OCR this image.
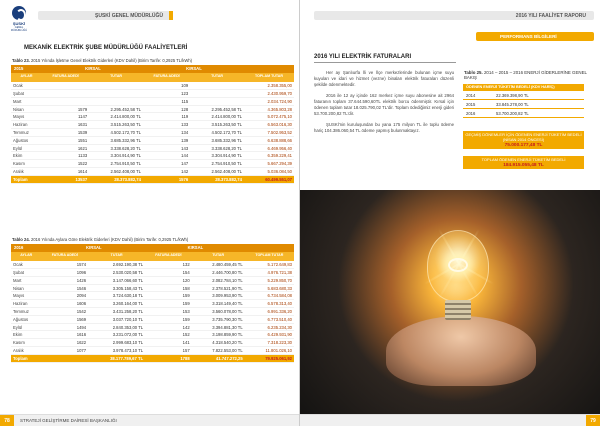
ŞUSKİ
GENEL MÜDÜRLÜĞÜ
ŞUSKİ GENEL MÜDÜRLÜĞÜ
MEKANİK ELEKTRİK ŞUBE MÜDÜRLÜĞÜ FAALİYETLERİ
Tablo 23. 2015 Yılında İşletme Genel Elektrik Giderleri (KDV Dahil) (Birim Tarife: 0,2925 TL/kWh)
2015	KIRSAL		KIRSAL		
AYLAR	FATURA ADEDİ	TUTAR	FATURA ADEDİ	TUTAR	TOPLAM TUTAR
Ocak			109		2.358.355,00
Şubat			123		2.430.959,70
Mart			115		2.034.724,90
Nisan	1579	2.295.452,58 TL	128	2.295.452,58 TL	4.365.803,28
Mayıs	1147	2.414.800,00 TL	119	2.414.800,00 TL	5.072.475,10
Haziran	1631	3.515.263,50 TL	133	3.515.263,50 TL	6.563.016,30
Temmuz	1539	4.502.172,70 TL	134	4.502.172,70 TL	7.502.953,52
Ağustos	1551	3.685.332,96 TL	139	3.685.332,96 TL	6.638.888,66
Eylül	1621	3.338.628,20 TL	143	3.338.628,20 TL	6.469.956,40
Ekim	1133	3.304.914,90 TL	144	3.304.914,90 TL	6.359.229,41
Kasım	1522	2.754.910,50 TL	147	2.754.910,50 TL	5.667.294,39
Aralık	1614	2.562.408,00 TL	142	2.562.408,00 TL	5.036.084,50
Toplam	13537	28.373.882,74	1576	28.373.882,74	60.499.551,07
Tablo 24. 2016 Yılında Aylara Göre Elektrik Giderleri (KDV Dahil) (Birim Tarife: 0,2925 TL/kWh)
2016	KIRSAL		KIRSAL		
AYLAR	FATURA ADEDİ	TUTAR	FATURA ADEDİ	TUTAR	TOPLAM TUTAR
Ocak	1574	2.692.190,38 TL	132	2.480.459,45 TL	5.172.649,83
Şubat	1096	2.530.020,58 TL	154	2.446.700,80 TL	4.976.721,38
Mart	1426	3.147.066,60 TL	120	2.082.784,10 TL	5.229.850,70
Nisan	1546	3.305.158,43 TL	158	2.378.521,90 TL	5.683.680,33
Mayıs	2094	3.724.630,18 TL	159	3.009.953,90 TL	6.734.584,08
Haziran	1606	3.260.164,00 TL	159	3.318.149,40 TL	6.578.313,40
Temmuz	1542	3.431.258,20 TL	153	3.560.078,00 TL	6.991.336,20
Ağustos	1569	3.037.720,10 TL	159	3.735.790,30 TL	6.773.510,40
Eylül	1494	2.840.353,00 TL	142	3.394.881,30 TL	6.235.234,30
Ekim	1616	3.231.072,00 TL	152	3.198.859,90 TL	6.429.931,90
Kasım	1622	2.999.683,10 TL	141	4.318.540,20 TL	7.318.223,30
Aralık	1077	3.978.473,10 TL	157	7.822.553,00 TL	11.801.026,10
Toplam		38.177.789,67 TL	1788	41.747.272,25	79.925.061,92
78	STRATEJİ GELİŞTİRME DAİRESİ BAŞKANLIĞI
2016 YILI FAALİYET RAPORU
PERFORMANS BİLGİLERİ
2016 YILI ELEKTRİK FATURALARI

Her ay Şanlıurfa İli ve İlçe merkezlerinde bulunan içme suyu kuyuları ve idari ve hizmet (vezne) binaları elektrik faturaları düzenli şekilde ödenmektedir.

2016 ile 12 ay içinde 162 merkez içme suyu abonesine ait 2964 faturanın toplam 37.644.590,60TL elektrik borcu ödenmiştir. Kırsal için ödenen toplam tutar 18.025.790,02 TL'dir. Toplam ödediğimiz enerji gideri 53.700.200,82 TL'dir.

ŞUSKİ'nin kuruluşundan bu yana 175 milyon TL ile toplu ödeme hariç 104.386.060,54 TL ödeme yapmış bulunmaktayız.

Tablo 25. 2014 – 2015 – 2016 ENERJİ GİDERLERİNE GENEL BAKIŞ
ÖDENEN ENERJİ TÜKETİM BEDELİ (KDV HARİÇ)	
2014	22.369.398,90 TL
2015	33.845.278,00 TL
2016	53.700.200,82 TL
GEÇMİŞ DÖNEMLER İÇİN ÖDENEN ENERJİ TÜKETİM BEDELİ (NİSAN 2014 ÖNCESİ)
75.000.177,48 TL
TOPLAM ÖDENEN ENERJİ TÜKETİM BEDELİ
184.915.055,48 TL
79
